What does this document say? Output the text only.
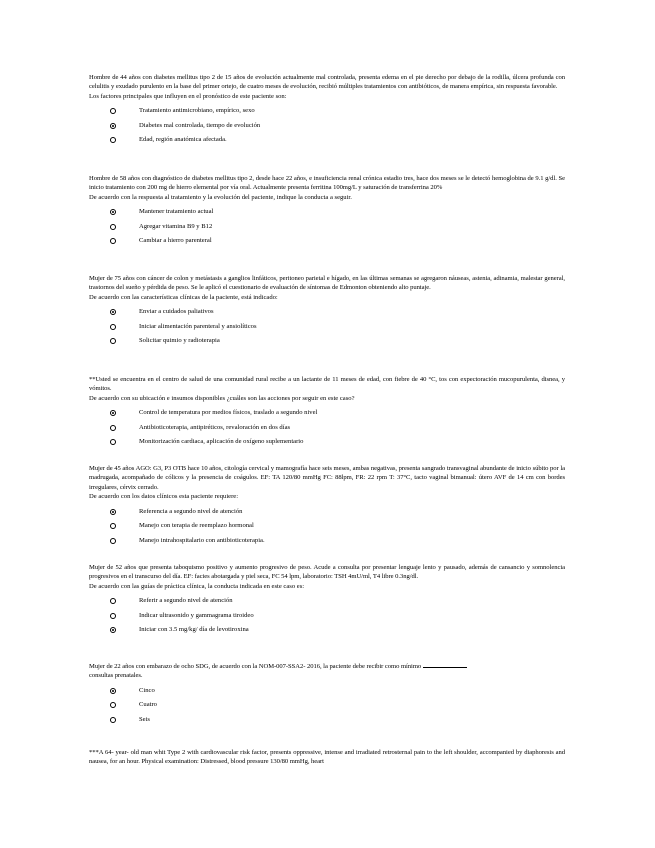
Hombre de 44 años con diabetes mellitus tipo 2 de 15 años de evolución actualmente mal controlada, presenta edema en el pie derecho por debajo de la rodilla, úlcera profunda con celulitis y exudado purulento en la base del primer ortejo, de cuatro meses de evolución, recibió múltiples tratamientos con antibióticos, de manera empírica, sin respuesta favorable.

Los factores principales que influyen en el pronóstico de este paciente son:

Tratamiento antimicrobiano, empírico, sexo
Diabetes mal controlada, tiempo de evolución
Edad, región anatómica afectada.

Hombre de 58 años con diagnóstico de diabetes mellitus tipo 2, desde hace 22 años, e insuficiencia renal crónica estadio tres, hace dos meses se le detectó hemoglobina de 9.1 g/dl. Se inicio tratamiento con 200 mg de hierro elemental por vía oral. Actualmente presenta ferritina 100mg/L y saturación de transferrina 20%

De acuerdo con la respuesta al tratamiento y la evolución del paciente, indique la conducta a seguir.

Mantener tratamiento actual
Agregar vitamina B9 y B12
Cambiar a hierro parenteral

Mujer de 75 años con cáncer de colon y metástasis a ganglios linfáticos, peritoneo parietal e hígado, en las últimas semanas se agregaron náuseas, astenia, adinamia, malestar general, trastornos del sueño y pérdida de peso. Se le aplicó el cuestionario de evaluación de síntomas de Edmonton obteniendo alto puntaje.

De acuerdo con las características clínicas de la paciente, está indicado:

Enviar a cuidados paliativos
Iniciar alimentación parenteral y ansiolíticos
Solicitar quimio y radioterapia

**Usted se encuentra en el centro de salud de una comunidad rural recibe a un lactante de 11 meses de edad, con fiebre de 40 °C, tos con expectoración mucopurulenta, disnea, y vómitos.

De acuerdo con su ubicación e insumos disponibles ¿cuáles son las acciones por seguir en este caso?

Control de temperatura por medios físicos, traslado a segundo nivel
Antibioticoterapia, antipiréticos, revaloración en dos días
Monitorización cardiaca, aplicación de oxígeno suplementario

Mujer de 45 años AGO: G3, P3 OTB hace 10 años, citología cervical y mamografía hace seis meses, ambas negativas, presenta sangrado transvaginal abundante de inicio súbito por la madrugada, acompañado de cólicos y la presencia de coágulos. EF: TA 120/80 mmHg FC: 88lpm, FR: 22 rpm T: 37°C, tacto vaginal bimanual: útero AVF de 14 cm con bordes irregulares, cérvix cerrado.

De acuerdo con los datos clínicos esta paciente requiere:

Referencia a segundo nivel de atención
Manejo con terapia de reemplazo hormonal
Manejo intrahospitalario con antibioticoterapia.

Mujer de 52 años que presenta taboquismo positivo y aumento progresivo de peso. Acude a consulta por presentar lenguaje lento y pausado, además de cansancio y somnolencia progresivos en el transcurso del día. EF: facies abotargada y piel seca, FC 54 lpm, laboratorio: TSH 4mU/ml, T4 libre 0.3ng/dl.

De acuerdo con las guías de práctica clínica, la conducta indicada en este caso es:

Referir a segundo nivel de atención
Indicar ultrasonido y gammagrama tiroideo
Iniciar con 3.5 mg/kg/ día de levotiroxina

Mujer de 22 años con embarazo de ocho SDG, de acuerdo con la NOM-007-SSA2- 2016, la paciente debe recibir como mínimo
consultas prenatales.

Cinco
Cuatro
Seis

***A 64- year- old man whit Type 2 with cardiovascular risk factor, presents oppressive, intense and irradiated retrosternal pain to the left shoulder, accompanied by diaphoresis and nausea, for an hour. Physical examination: Distressed, blood pressure 130/80 mmHg, heart
